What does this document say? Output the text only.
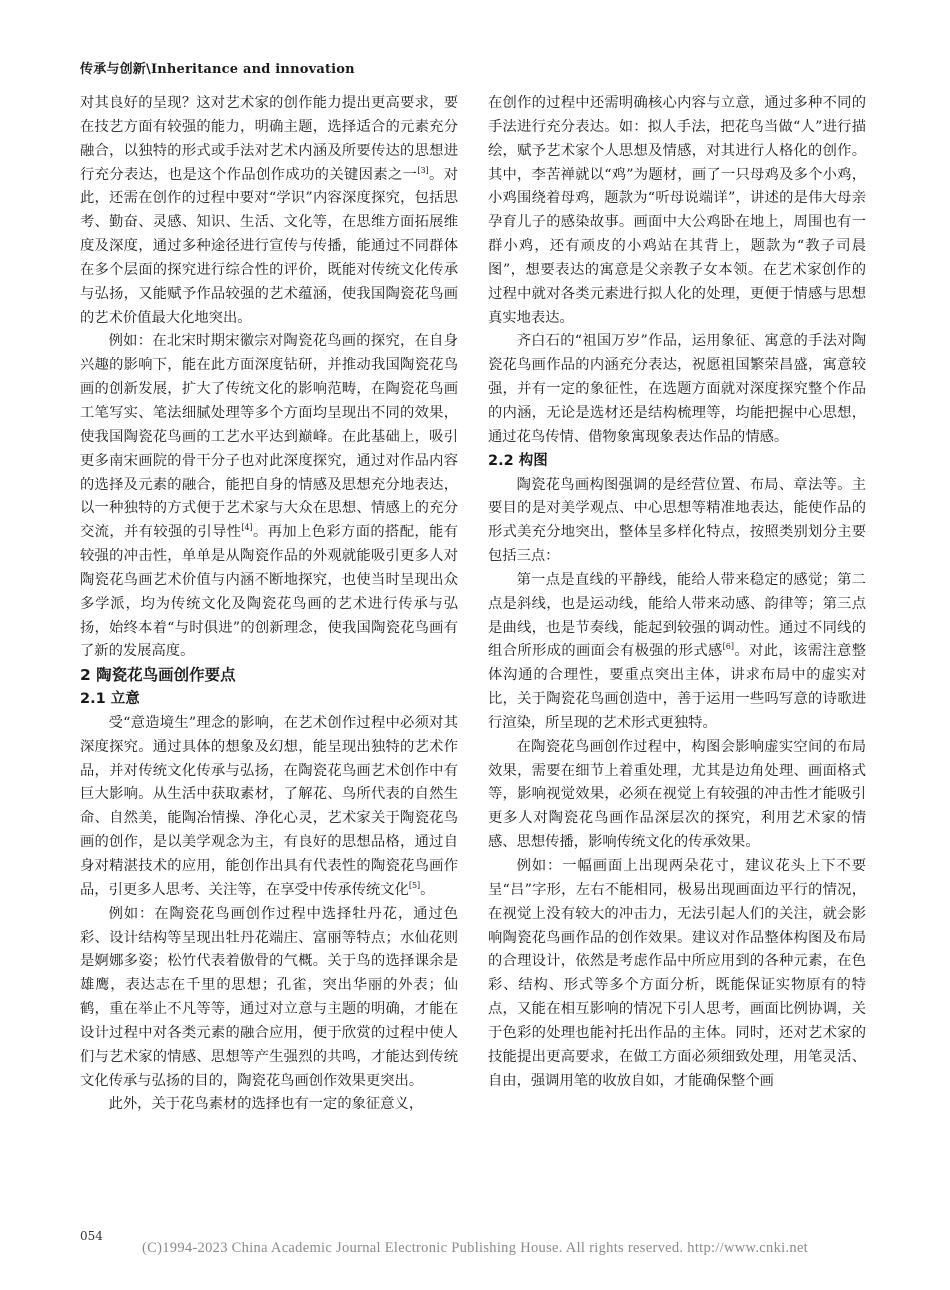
传承与创新\Inheritance and innovation

对其良好的呈现？这对艺术家的创作能力提出更高要求，要在技艺方面有较强的能力，明确主题，选择适合的元素充分融合，以独特的形式或手法对艺术内涵及所要传达的思想进行充分表达，也是这个作品创作成功的关键因素之一[3]。对此，还需在创作的过程中要对“学识”内容深度探究，包括思考、勤奋、灵感、知识、生活、文化等，在思维方面拓展维度及深度，通过多种途径进行宣传与传播，能通过不同群体在多个层面的探究进行综合性的评价，既能对传统文化传承与弘扬，又能赋予作品较强的艺术蕴涵，使我国陶瓷花鸟画的艺术价值最大化地突出。

例如：在北宋时期宋徽宗对陶瓷花鸟画的探究，在自身兴趣的影响下，能在此方面深度钻研，并推动我国陶瓷花鸟画的创新发展，扩大了传统文化的影响范畴，在陶瓷花鸟画工笔写实、笔法细腻处理等多个方面均呈现出不同的效果，使我国陶瓷花鸟画的工艺水平达到巅峰。在此基础上，吸引更多南宋画院的骨干分子也对此深度探究，通过对作品内容的选择及元素的融合，能把自身的情感及思想充分地表达，以一种独特的方式便于艺术家与大众在思想、情感上的充分交流，并有较强的引导性[4]。再加上色彩方面的搭配，能有较强的冲击性，单单是从陶瓷作品的外观就能吸引更多人对陶瓷花鸟画艺术价值与内涵不断地探究，也使当时呈现出众多学派，均为传统文化及陶瓷花鸟画的艺术进行传承与弘扬，始终本着“与时俱进”的创新理念，使我国陶瓷花鸟画有了新的发展高度。

2 陶瓷花鸟画创作要点
2.1 立意

受“意造境生”理念的影响，在艺术创作过程中必须对其深度探究。通过具体的想象及幻想，能呈现出独特的艺术作品，并对传统文化传承与弘扬，在陶瓷花鸟画艺术创作中有巨大影响。从生活中获取素材，了解花、鸟所代表的自然生命、自然美，能陶冶情操、净化心灵，艺术家关于陶瓷花鸟画的创作，是以美学观念为主，有良好的思想品格，通过自身对精湛技术的应用，能创作出具有代表性的陶瓷花鸟画作品，引更多人思考、关注等，在享受中传承传统文化[5]。

例如：在陶瓷花鸟画创作过程中选择牡丹花，通过色彩、设计结构等呈现出牡丹花端庄、富丽等特点；水仙花则是婀娜多姿；松竹代表着傲骨的气概。关于鸟的选择课余是雄鹰，表达志在千里的思想；孔雀，突出华丽的外表；仙鹤，重在举止不凡等等，通过对立意与主题的明确，才能在设计过程中对各类元素的融合应用，便于欣赏的过程中使人们与艺术家的情感、思想等产生强烈的共鸣，才能达到传统文化传承与弘扬的目的，陶瓷花鸟画创作效果更突出。

此外，关于花鸟素材的选择也有一定的象征意义，

在创作的过程中还需明确核心内容与立意，通过多种不同的手法进行充分表达。如：拟人手法，把花鸟当做“人”进行描绘，赋予艺术家个人思想及情感，对其进行人格化的创作。其中，李苦禅就以“鸡”为题材，画了一只母鸡及多个小鸡，小鸡围绕着母鸡，题款为“听母说端详”，讲述的是伟大母亲孕育儿子的感染故事。画面中大公鸡卧在地上，周围也有一群小鸡，还有顽皮的小鸡站在其背上，题款为“教子司晨图”，想要表达的寓意是父亲教子女本领。在艺术家创作的过程中就对各类元素进行拟人化的处理，更便于情感与思想真实地表达。

齐白石的“祖国万岁”作品，运用象征、寓意的手法对陶瓷花鸟画作品的内涵充分表达，祝愿祖国繁荣昌盛，寓意较强，并有一定的象征性，在选题方面就对深度探究整个作品的内涵，无论是选材还是结构梳理等，均能把握中心思想，通过花鸟传情、借物象寓现象表达作品的情感。

2.2 构图

陶瓷花鸟画构图强调的是经营位置、布局、章法等。主要目的是对美学观点、中心思想等精准地表达，能使作品的形式美充分地突出，整体呈多样化特点，按照类别划分主要包括三点：

第一点是直线的平静线，能给人带来稳定的感觉；第二点是斜线，也是运动线，能给人带来动感、韵律等；第三点是曲线，也是节奏线，能起到较强的调动性。通过不同线的组合所形成的画面会有极强的形式感[6]。对此，该需注意整体沟通的合理性，要重点突出主体，讲求布局中的虚实对比，关于陶瓷花鸟画创造中，善于运用一些吗写意的诗歌进行渲染，所呈现的艺术形式更独特。

在陶瓷花鸟画创作过程中，构图会影响虚实空间的布局效果，需要在细节上着重处理，尤其是边角处理、画面格式等，影响视觉效果，必须在视觉上有较强的冲击性才能吸引更多人对陶瓷花鸟画作品深层次的探究，利用艺术家的情感、思想传播，影响传统文化的传承效果。

例如：一幅画面上出现两朵花寸，建议花头上下不要呈“吕”字形，左右不能相同，极易出现画面边平行的情况，在视觉上没有较大的冲击力，无法引起人们的关注，就会影响陶瓷花鸟画作品的创作效果。建议对作品整体构图及布局的合理设计，依然是考虑作品中所应用到的各种元素，在色彩、结构、形式等多个方面分析，既能保证实物原有的特点，又能在相互影响的情况下引人思考，画面比例协调，关于色彩的处理也能衬托出作品的主体。同时，还对艺术家的技能提出更高要求，在做工方面必须细致处理，用笔灵活、自由，强调用笔的收放自如，才能确保整个画

054
(C)1994-2023 China Academic Journal Electronic Publishing House. All rights reserved. http://www.cnki.net
